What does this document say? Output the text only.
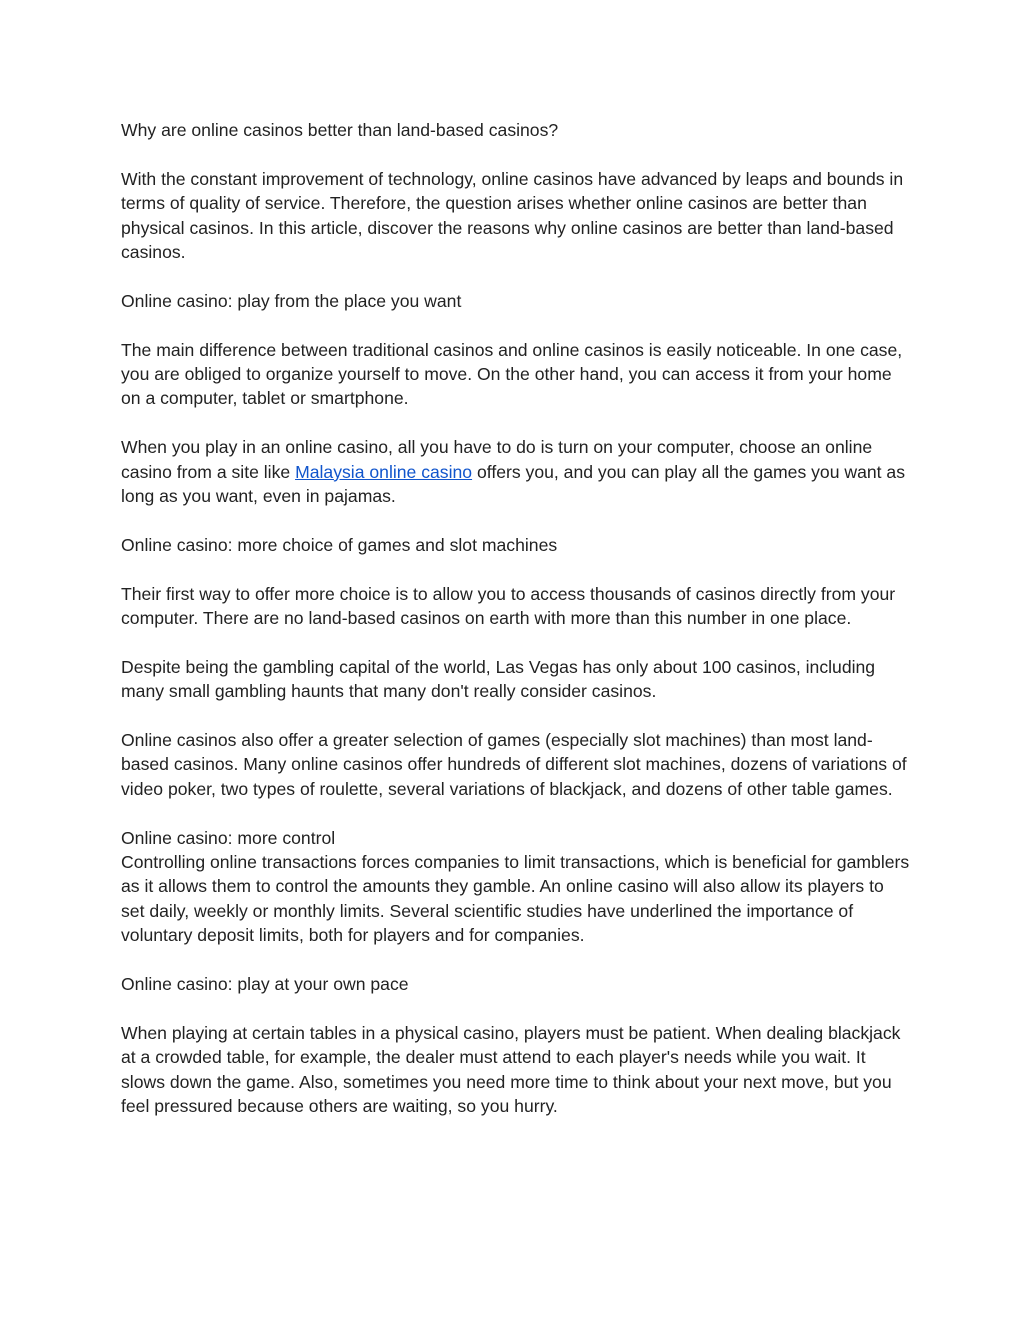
Why are online casinos better than land-based casinos?

With the constant improvement of technology, online casinos have advanced by leaps and bounds in terms of quality of service. Therefore, the question arises whether online casinos are better than physical casinos. In this article, discover the reasons why online casinos are better than land-based casinos.

Online casino: play from the place you want

The main difference between traditional casinos and online casinos is easily noticeable. In one case, you are obliged to organize yourself to move. On the other hand, you can access it from your home on a computer, tablet or smartphone.

When you play in an online casino, all you have to do is turn on your computer, choose an online casino from a site like Malaysia online casino offers you, and you can play all the games you want as long as you want, even in pajamas.

Online casino: more choice of games and slot machines

Their first way to offer more choice is to allow you to access thousands of casinos directly from your computer. There are no land-based casinos on earth with more than this number in one place.

Despite being the gambling capital of the world, Las Vegas has only about 100 casinos, including many small gambling haunts that many don't really consider casinos.

Online casinos also offer a greater selection of games (especially slot machines) than most land-based casinos. Many online casinos offer hundreds of different slot machines, dozens of variations of video poker, two types of roulette, several variations of blackjack, and dozens of other table games.

Online casino: more control

Controlling online transactions forces companies to limit transactions, which is beneficial for gamblers as it allows them to control the amounts they gamble. An online casino will also allow its players to set daily, weekly or monthly limits. Several scientific studies have underlined the importance of voluntary deposit limits, both for players and for companies.

Online casino: play at your own pace

When playing at certain tables in a physical casino, players must be patient. When dealing blackjack at a crowded table, for example, the dealer must attend to each player's needs while you wait. It slows down the game. Also, sometimes you need more time to think about your next move, but you feel pressured because others are waiting, so you hurry.
